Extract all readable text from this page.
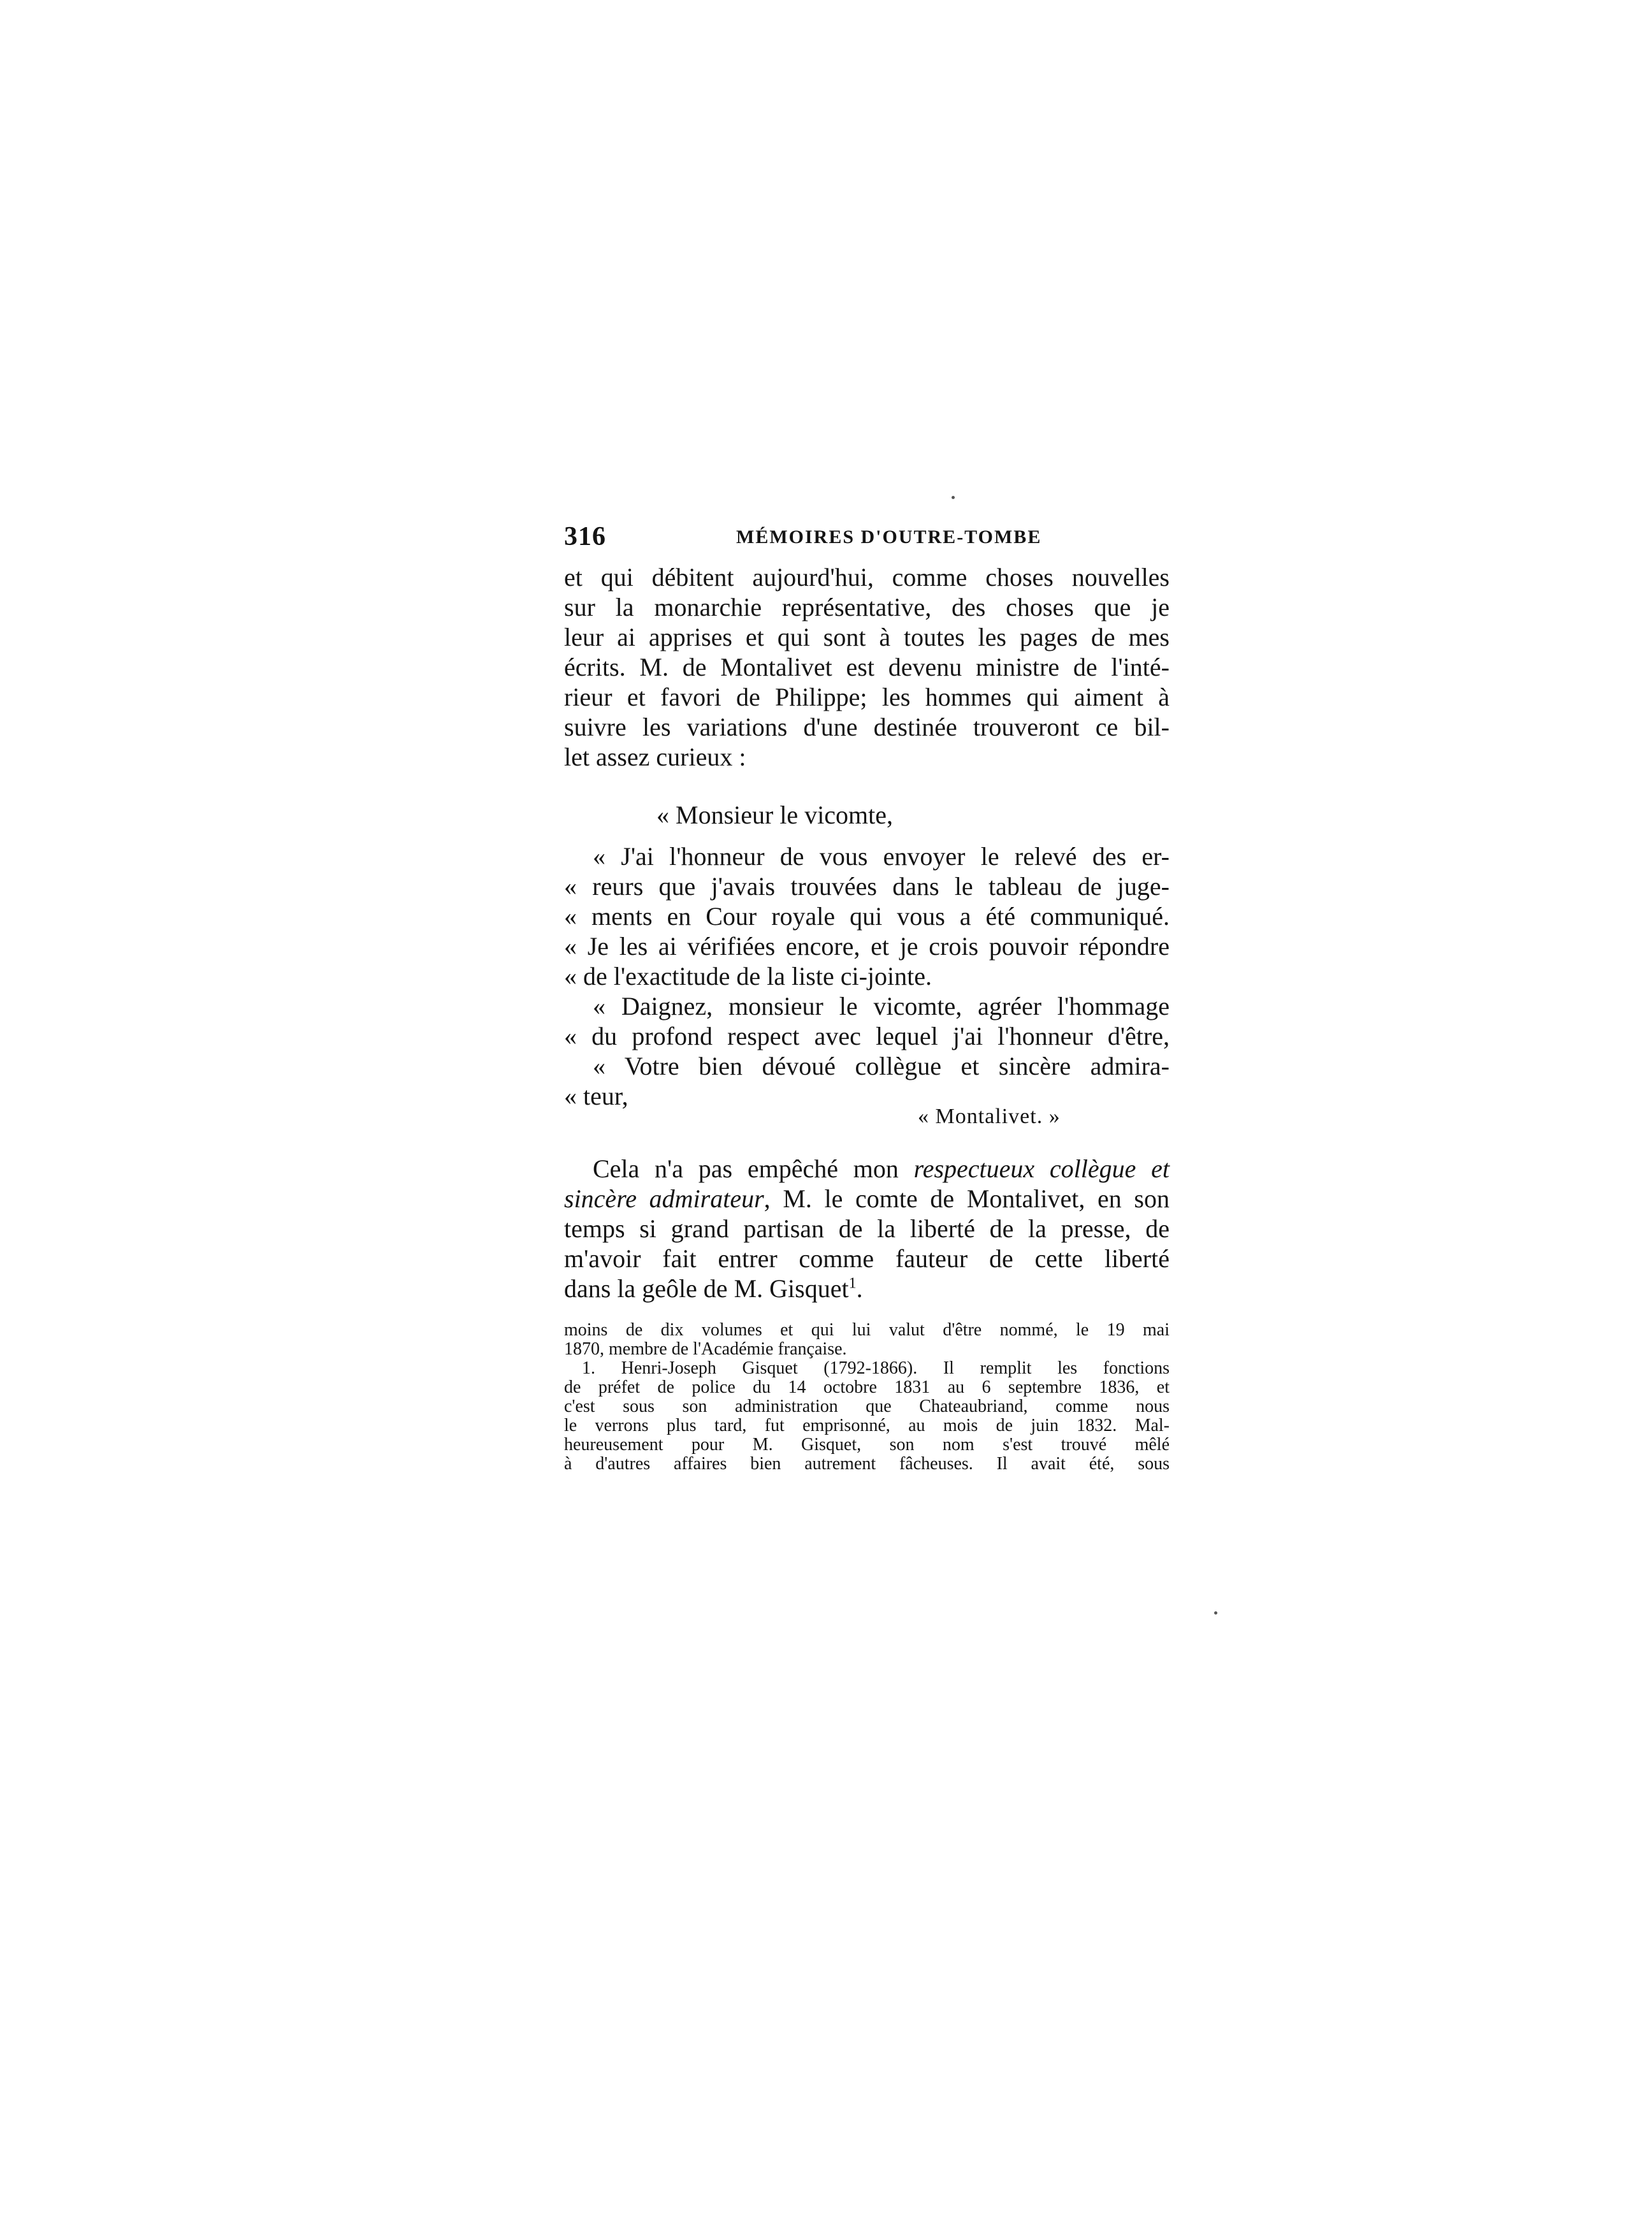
316	MÉMOIRES D'OUTRE-TOMBE
et qui débitent aujourd'hui, comme choses nouvelles
sur la monarchie représentative, des choses que je
leur ai apprises et qui sont à toutes les pages de mes
écrits. M. de Montalivet est devenu ministre de l'inté-
rieur et favori de Philippe; les hommes qui aiment à
suivre les variations d'une destinée trouveront ce bil-
let assez curieux :
« Monsieur le vicomte,
« J'ai l'honneur de vous envoyer le relevé des er-
« reurs que j'avais trouvées dans le tableau de juge-
« ments en Cour royale qui vous a été communiqué.
« Je les ai vérifiées encore, et je crois pouvoir répondre
« de l'exactitude de la liste ci-jointe.
« Daignez, monsieur le vicomte, agréer l'hommage
« du profond respect avec lequel j'ai l'honneur d'être,
« Votre bien dévoué collègue et sincère admira-
« teur,
« Montalivet. »
Cela n'a pas empêché mon respectueux collègue et
sincère admirateur, M. le comte de Montalivet, en son
temps si grand partisan de la liberté de la presse, de
m'avoir fait entrer comme fauteur de cette liberté
dans la geôle de M. Gisquet$^1$.
moins de dix volumes et qui lui valut d'être nommé, le 19 mai
1870, membre de l'Académie française.
1. Henri-Joseph Gisquet (1792-1866). Il remplit les fonctions
de préfet de police du 14 octobre 1831 au 6 septembre 1836, et
c'est sous son administration que Chateaubriand, comme nous
le verrons plus tard, fut emprisonné, au mois de juin 1832. Mal-
heureusement pour M. Gisquet, son nom s'est trouvé mêlé
à d'autres affaires bien autrement fâcheuses. Il avait été, sous
